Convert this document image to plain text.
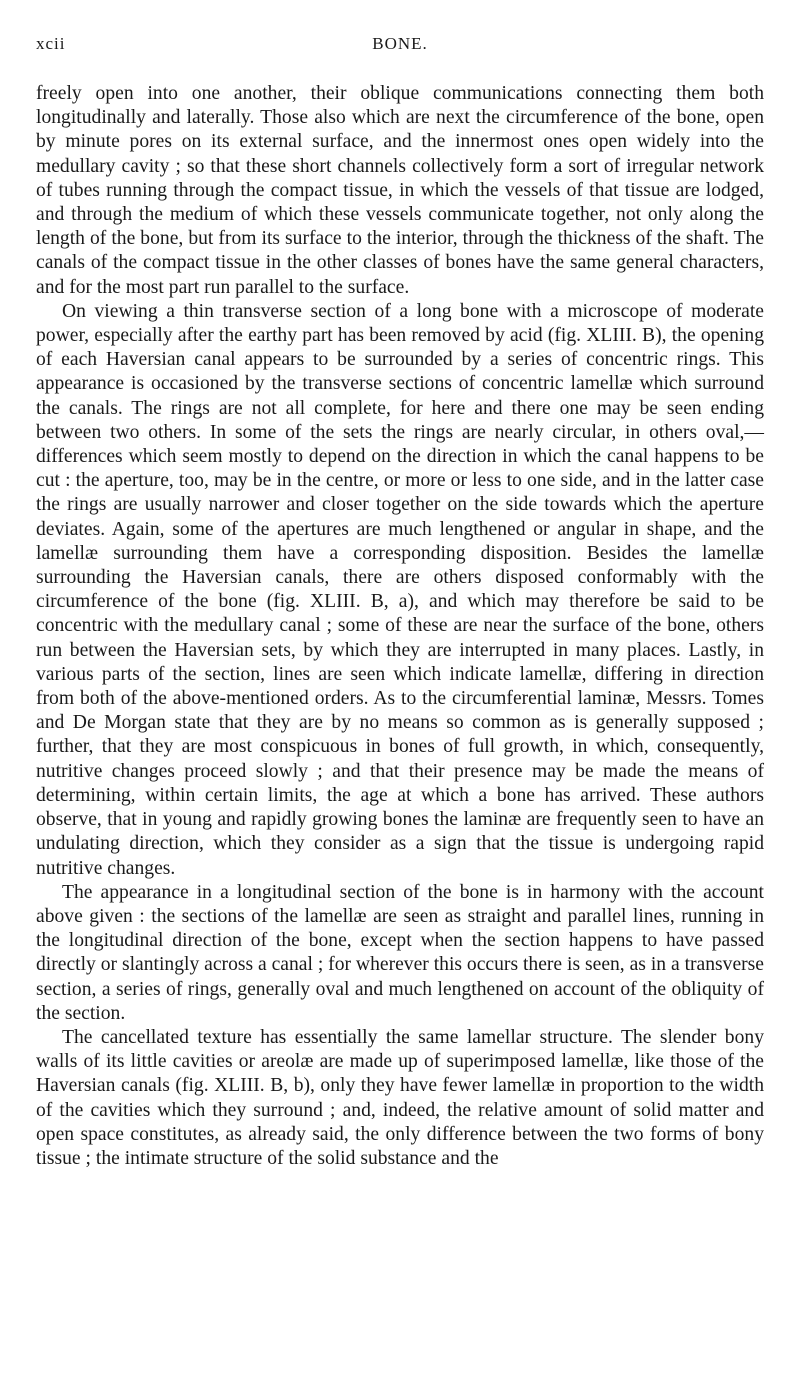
xcii	BONE.

freely open into one another, their oblique communications connecting them both longitudinally and laterally. Those also which are next the circumference of the bone, open by minute pores on its external surface, and the innermost ones open widely into the medullary cavity ; so that these short channels collectively form a sort of irregular network of tubes running through the compact tissue, in which the vessels of that tissue are lodged, and through the medium of which these vessels communicate together, not only along the length of the bone, but from its surface to the interior, through the thickness of the shaft. The canals of the compact tissue in the other classes of bones have the same general characters, and for the most part run parallel to the surface.

On viewing a thin transverse section of a long bone with a microscope of moderate power, especially after the earthy part has been removed by acid (fig. XLIII. B), the opening of each Haversian canal appears to be surrounded by a series of concentric rings. This appearance is occasioned by the transverse sections of concentric lamellæ which surround the canals. The rings are not all complete, for here and there one may be seen ending between two others. In some of the sets the rings are nearly circular, in others oval,—differences which seem mostly to depend on the direction in which the canal happens to be cut : the aperture, too, may be in the centre, or more or less to one side, and in the latter case the rings are usually narrower and closer together on the side towards which the aperture deviates. Again, some of the apertures are much lengthened or angular in shape, and the lamellæ surrounding them have a corresponding disposition. Besides the lamellæ surrounding the Haversian canals, there are others disposed conformably with the circumference of the bone (fig. XLIII. B, a), and which may therefore be said to be concentric with the medullary canal ; some of these are near the surface of the bone, others run between the Haversian sets, by which they are interrupted in many places. Lastly, in various parts of the section, lines are seen which indicate lamellæ, differing in direction from both of the above-mentioned orders. As to the circumferential laminæ, Messrs. Tomes and De Morgan state that they are by no means so common as is generally supposed ; further, that they are most conspicuous in bones of full growth, in which, consequently, nutritive changes proceed slowly ; and that their presence may be made the means of determining, within certain limits, the age at which a bone has arrived. These authors observe, that in young and rapidly growing bones the laminæ are frequently seen to have an undulating direction, which they consider as a sign that the tissue is undergoing rapid nutritive changes.

The appearance in a longitudinal section of the bone is in harmony with the account above given : the sections of the lamellæ are seen as straight and parallel lines, running in the longitudinal direction of the bone, except when the section happens to have passed directly or slantingly across a canal ; for wherever this occurs there is seen, as in a transverse section, a series of rings, generally oval and much lengthened on account of the obliquity of the section.

The cancellated texture has essentially the same lamellar structure. The slender bony walls of its little cavities or areolæ are made up of superimposed lamellæ, like those of the Haversian canals (fig. XLIII. B, b), only they have fewer lamellæ in proportion to the width of the cavities which they surround ; and, indeed, the relative amount of solid matter and open space constitutes, as already said, the only difference between the two forms of bony tissue ; the intimate structure of the solid substance and the
